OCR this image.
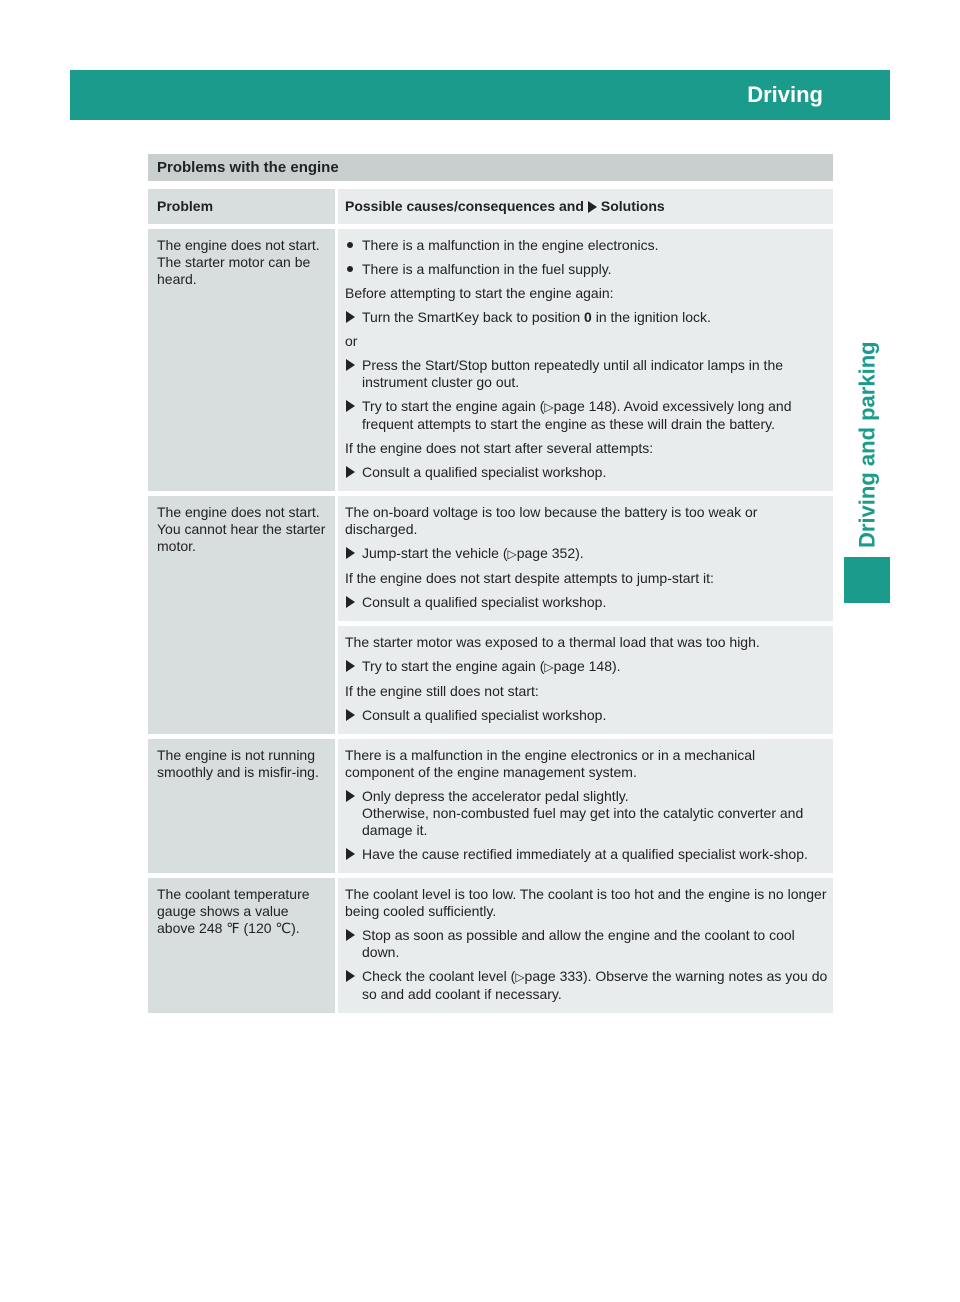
Driving	153
Driving and parking
Problems with the engine
Problem	Possible causes/consequences and Solutions
The engine does not start. The starter motor can be heard.
There is a malfunction in the engine electronics.
There is a malfunction in the fuel supply.

Before attempting to start the engine again:

Turn the SmartKey back to position 0 in the ignition lock.

or

Press the Start/Stop button repeatedly until all indicator lamps in the instrument cluster go out.
Try to start the engine again (▷page 148). Avoid excessively long and frequent attempts to start the engine as these will drain the battery.

If the engine does not start after several attempts:

Consult a qualified specialist workshop.
The engine does not start. You cannot hear the starter motor.

The on-board voltage is too low because the battery is too weak or discharged.

Jump-start the vehicle (▷page 352).

If the engine does not start despite attempts to jump-start it:

Consult a qualified specialist workshop.

The starter motor was exposed to a thermal load that was too high.

Try to start the engine again (▷page 148).

If the engine still does not start:

Consult a qualified specialist workshop.
The engine is not running smoothly and is misfir-ing.

There is a malfunction in the engine electronics or in a mechanical component of the engine management system.

Only depress the accelerator pedal slightly.
Otherwise, non-combusted fuel may get into the catalytic converter and damage it.
Have the cause rectified immediately at a qualified specialist work-shop.
The coolant temperature gauge shows a value above 248 ℉ (120 ℃).

The coolant level is too low. The coolant is too hot and the engine is no longer being cooled sufficiently.

Stop as soon as possible and allow the engine and the coolant to cool down.
Check the coolant level (▷page 333). Observe the warning notes as you do so and add coolant if necessary.
